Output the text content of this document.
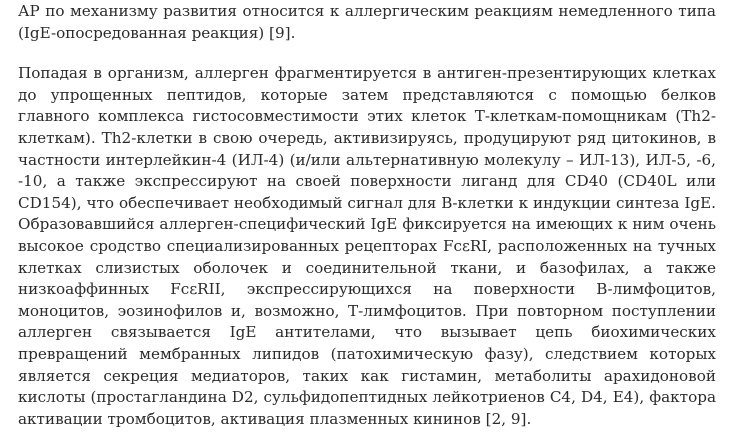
АР по механизму развития относится к аллергическим реакциям немедленного типа (IgE-опосредованная реакция) [9].

Попадая в организм, аллерген фрагментируется в антиген-презентирующих клетках до упрощенных пептидов, которые затем представляются с помощью белков главного комплекса гистосовместимости этих клеток Т-клеткам-помощникам (Th2-клеткам). Th2-клетки в свою очередь, активизируясь, продуцируют ряд цитокинов, в частности интерлейкин-4 (ИЛ-4) (и/или альтернативную молекулу – ИЛ-13), ИЛ-5, -6, -10, а также экспрессируют на своей поверхности лиганд для CD40 (CD40L или CD154), что обеспечивает необходимый сигнал для В-клетки к индукции синтеза IgE. Образовавшийся аллерген-специфический IgE фиксируется на имеющих к ним очень высокое сродство специализированных рецепторах FcεRI, расположенных на тучных клетках слизистых оболочек и соединительной ткани, и базофилах, а также низкоаффинных FcεRII, экспрессирующихся на поверхности В-лимфоцитов, моноцитов, эозинофилов и, возможно, Т-лимфоцитов. При повторном поступлении аллерген связывается IgE антителами, что вызывает цепь биохимических превращений мембранных липидов (патохимическую фазу), следствием которых является секреция медиаторов, таких как гистамин, метаболиты арахидоновой кислоты (простагландина D2, сульфидопептидных лейкотриенов С4, D4, Е4), фактора активации тромбоцитов, активация плазменных кининов [2, 9].
